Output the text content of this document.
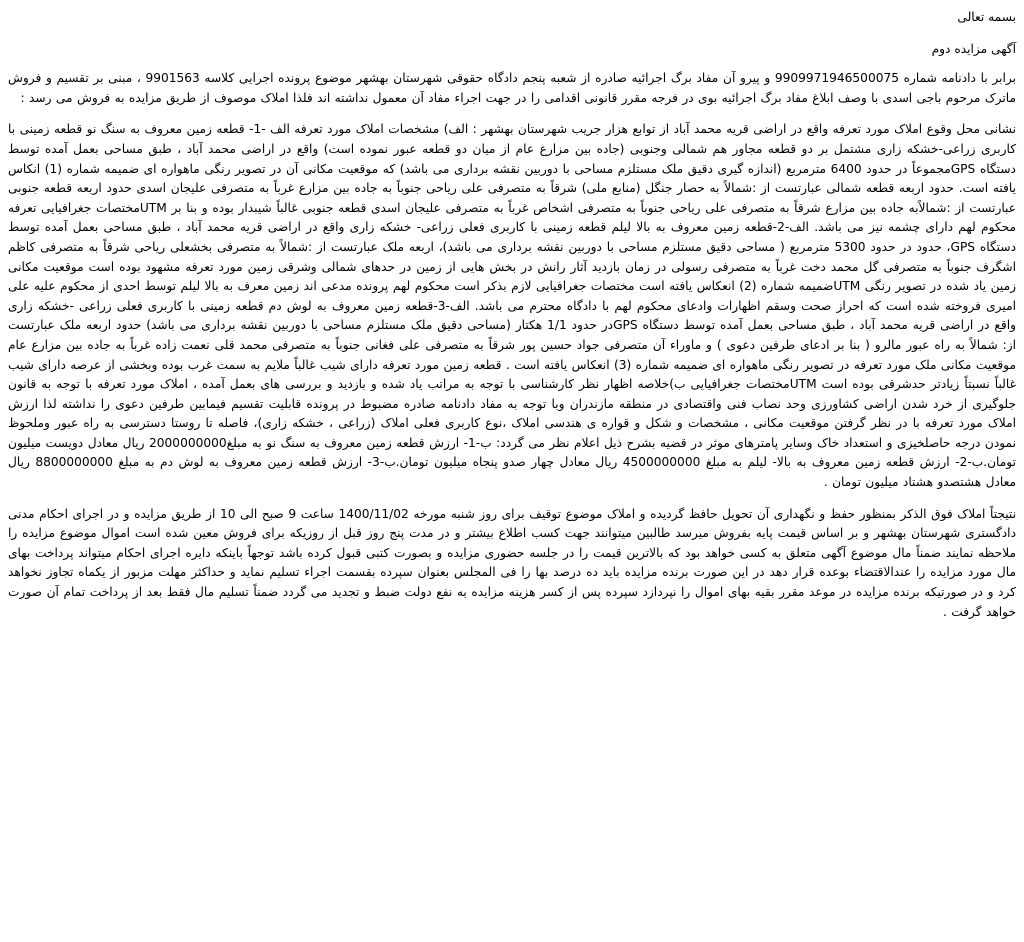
بسمه تعالی
آگهی مزایده دوم

برابر با دادنامه شماره 9909971946500075 و پیرو آن مفاد برگ اجرائیه صادره از شعبه پنجم دادگاه حقوقی شهرستان بهشهر موضوع پرونده اجرایی کلاسه 9901563 ، مبنی بر تقسیم و فروش ماترک مرحوم باجی اسدی با وصف ابلاغ مفاد برگ اجرائیه بوی در فرجه مقرر قانونی اقدامی را در جهت اجراء مفاد آن معمول نداشته اند فلذا املاک موصوف از طریق مزایده به فروش می رسد :

نشانی محل وقوع املاک مورد تعرفه واقع در اراضی قریه محمد آباد از توابع هزار جریب شهرستان بهشهر : الف) مشخصات املاک مورد تعرفه الف -1- قطعه زمین معروف به سنگ نو قطعه زمینی با کاربری زراعی-خشکه زاری مشتمل بر دو قطعه مجاور هم شمالی وجنوبی (جاده بین مزارع عام از میان دو قطعه عبور نموده است) واقع در اراضی محمد آباد ، طبق مساحی بعمل آمده توسط دستگاه GPSمجموعاً در حدود 6400 مترمربع (اندازه گیری دقیق ملک مستلزم مساحی با دوربین نقشه برداری می باشد) که موقعیت مکانی آن در تصویر رنگی ماهواره ای ضمیمه شماره (1) انکاس یافته است. حدود اربعه قطعه شمالی عبارتست از :شمالاً به حصار جنگل (منابع ملی) شرقاً به متصرفی علی ریاحی جنوباً به جاده بین مزارع غرباً به متصرفی علیجان اسدی حدود اربعه قطعه جنوبی عبارتست از :شمالاًبه جاده بین مزارع شرقاً به متصرفی علی ریاحی جنوباً به متصرفی اشخاص غرباً به متصرفی علیجان اسدی قطعه جنوبی غالباً شیبدار بوده و بنا بر UTMمختصات جغرافیایی تعرفه محکوم لهم دارای چشمه نیز می باشد. الف-2-قطعه زمین معروف به بالا لیلم قطعه زمینی با کاربری فعلی زراعی- خشکه زاری واقع در اراضی قریه محمد آباد ، طبق مساحی بعمل آمده توسط دستگاه GPS، حدود در حدود 5300 مترمربع ( مساحی دقیق مستلزم مساحی با دوربین نقشه برداری می باشد)، اربعه ملک عبارتست از :شمالاً به متصرفی بخشعلی ریاحی شرقاً به متصرفی کاظم اشگرف جنوباً به متصرفی گل محمد دخت غرباً به متصرفی رسولی در زمان بازدید آثار رانش در بخش هایی از زمین در حدهای شمالی وشرقی زمین مورد تعرفه مشهود بوده است موقعیت مکانی زمین یاد شده در تصویر رنگی UTMضمیمه شماره (2) انعکاس یافته است مختصات جغرافیایی لازم بذکر است محکوم لهم پرونده مدعی اند زمین معرف به بالا لیلم توسط احدی از محکوم علیه علی امیری فروخته شده است که احراز صحت وسقم اظهارات وادعای محکوم لهم با دادگاه محترم می باشد. الف-3-قطعه زمین معروف به لوش دم قطعه زمینی با کاربری فعلی زراعی -خشکه زاری واقع در اراضی قریه محمد آباد ، طبق مساحی بعمل آمده توسط دستگاه GPSدر حدود 1/1 هکتار (مساحی دقیق ملک مستلزم مساحی با دوربین نقشه برداری می باشد) حدود اربعه ملک عبارتست از: شمالاً به راه عبور مالرو ( بنا بر ادعای طرفین دعوی ) و ماوراء آن متصرفی جواد حسین پور شرقاً به متصرفی علی فغانی جنوباً به متصرفی محمد قلی نعمت زاده غرباً به جاده بین مزارع عام موقعیت مکانی ملک مورد تعرفه در تصویر رنگی ماهواره ای ضمیمه شماره (3) انعکاس یافته است . قطعه زمین مورد تعرفه دارای شیب غالباً ملایم به سمت غرب بوده وبخشی از عرصه دارای شیب غالباً نسبتاً زیادتر حدشرقی بوده است UTMمختصات جغرافیایی ب)خلاصه اظهار نظر کارشناسی با توجه به مراتب یاد شده و بازدید و بررسی های بعمل آمده ، املاک مورد تعرفه با توجه به قانون جلوگیری از خرد شدن اراضی کشاورزی وحد نصاب فنی واقتصادی در منطقه مازندران وبا توجه به مفاد دادنامه صادره مضبوط در پرونده قابلیت تقسیم فیمابین طرفین دعوی را نداشته لذا ارزش املاک مورد تعرفه با در نظر گرفتن موقعیت مکانی ، مشخصات و شکل و قواره ی هندسی املاک ،نوع کاربری فعلی املاک (زراعی ، خشکه زاری)، فاصله تا روستا دسترسی به راه عبور وملحوظ نمودن درجه حاصلخیزی و استعداد خاک وسایر پامترهای موثر در قضیه بشرح ذیل اعلام نظر می گردد: ب-1- ارزش قطعه زمین معروف به سنگ نو به مبلغ2000000000 ریال معادل دویست میلیون تومان.ب-2- ارزش قطعه زمین معروف به بالا- لیلم به مبلغ 4500000000 ریال معادل چهار صدو پنجاه میلیون تومان.ب-3- ارزش قطعه زمین معروف به لوش دم به مبلغ 8800000000 ریال معادل هشتصدو هشتاد میلیون تومان .

نتیجتاً املاک فوق الذکر بمنظور حفظ و نگهداری آن تحویل حافظ گردیده و املاک موضوع توقیف برای روز شنبه مورخه 1400/11/02 ساعت 9 صبح الی 10 از طریق مزایده و در اجرای احکام مدنی دادگستری شهرستان بهشهر و بر اساس قیمت پایه بفروش میرسد طالبین میتوانند جهت کسب اطلاع بیشتر و در مدت پنج روز قبل از روزیکه برای فروش معین شده است اموال موضوع مزایده را ملاحظه نمایند ضمناً مال موضوع آگهی متعلق به کسی خواهد بود که بالاترین قیمت را در جلسه حضوری مزایده و بصورت کتبی قبول کرده باشد توجهاً باینکه دایره اجرای احکام میتواند پرداخت بهای مال مورد مزایده را عندالاقتضاء بوعده قرار دهد در این صورت برنده مزایده باید ده درصد بها را فی المجلس بعنوان سپرده بقسمت اجراء تسلیم نماید و حداکثر مهلت مزبور از یکماه تجاوز نخواهد کرد و در صورتیکه برنده مزایده در موعد مقرر بقیه بهای اموال را نپردازد سپرده پس از کسر هزینه مزایده به نفع دولت ضبط و تجدید می گردد ضمناً تسلیم مال فقط بعد از پرداخت تمام آن صورت خواهد گرفت .
